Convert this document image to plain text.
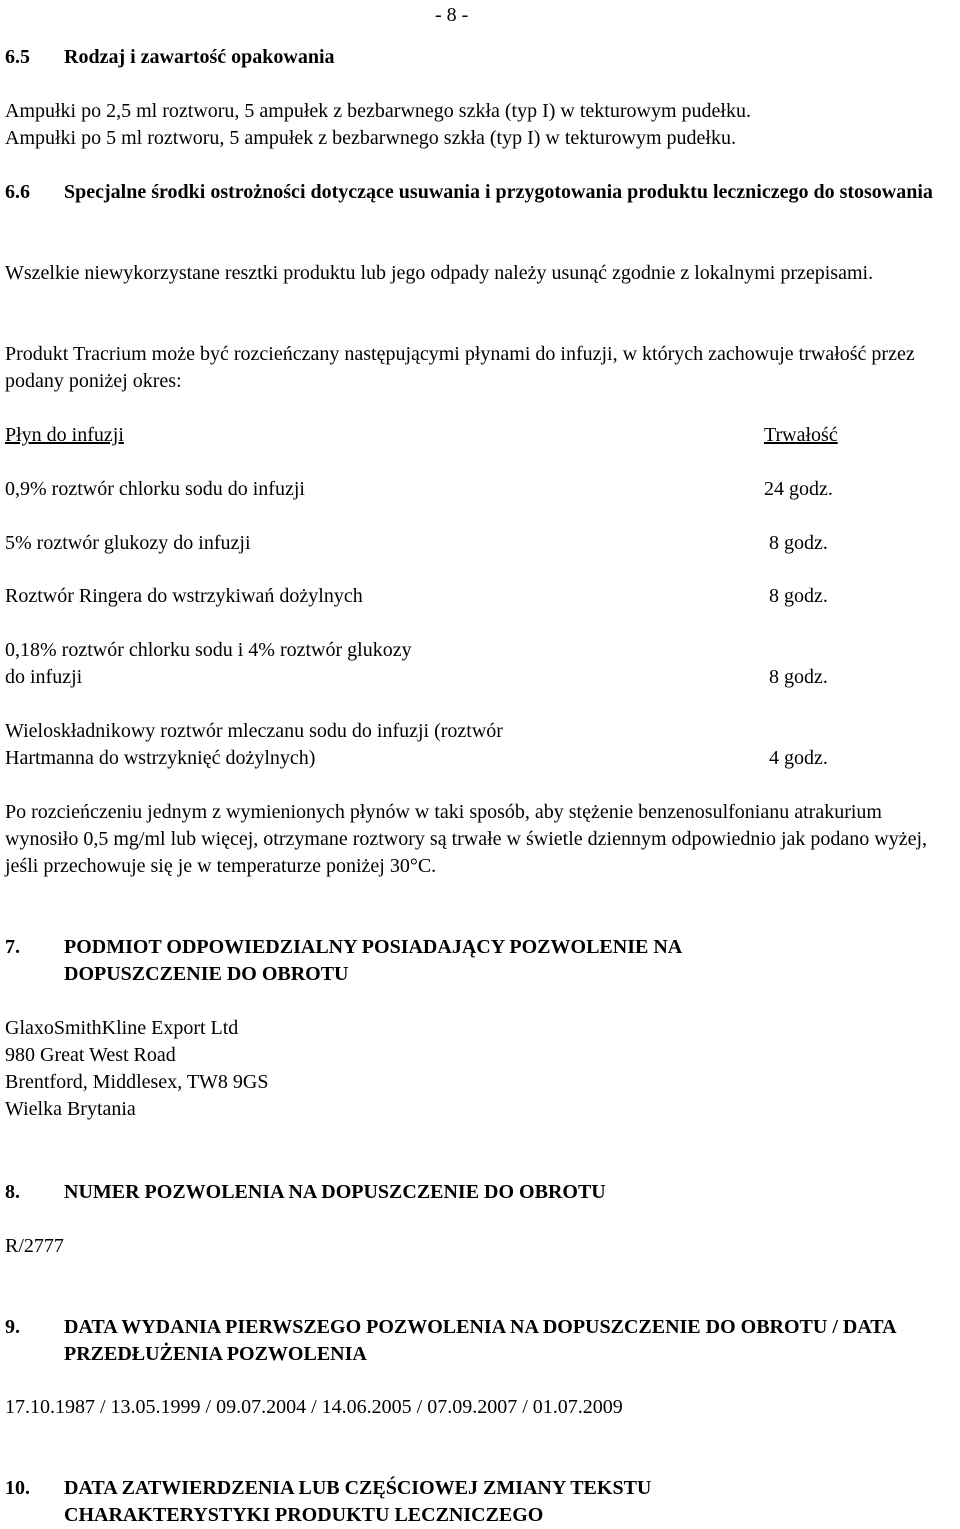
- 8 -
6.5 Rodzaj i zawartość opakowania
Ampułki po 2,5 ml roztworu, 5 ampułek z bezbarwnego szkła (typ I) w tekturowym pudełku.
Ampułki po 5 ml roztworu, 5 ampułek z bezbarwnego szkła (typ I) w tekturowym pudełku.
6.6 Specjalne środki ostrożności dotyczące usuwania i przygotowania produktu leczniczego do stosowania
Wszelkie niewykorzystane resztki produktu lub jego odpady należy usunąć zgodnie z lokalnymi przepisami.
Produkt Tracrium może być rozcieńczany następującymi płynami do infuzji, w których zachowuje trwałość przez podany poniżej okres:
Płyn do infuzji	Trwałość
0,9% roztwór chlorku sodu do infuzji	24 godz.
5% roztwór glukozy do infuzji	8 godz.
Roztwór Ringera do wstrzykiwań dożylnych	8 godz.
0,18% roztwór chlorku sodu i 4% roztwór glukozy do infuzji	8 godz.
Wieloskładnikowy roztwór mleczanu sodu do infuzji (roztwór Hartmanna do wstrzyknięć dożylnych)	4 godz.
Po rozcieńczeniu jednym z wymienionych płynów w taki sposób, aby stężenie benzenosulfonianu atrakurium wynosiło 0,5 mg/ml lub więcej, otrzymane roztwory są trwałe w świetle dziennym odpowiednio jak podano wyżej, jeśli przechowuje się je w temperaturze poniżej 30°C.
7. PODMIOT ODPOWIEDZIALNY POSIADAJĄCY POZWOLENIE NA DOPUSZCZENIE DO OBROTU
GlaxoSmithKline Export Ltd
980 Great West Road
Brentford, Middlesex, TW8 9GS
Wielka Brytania
8. NUMER POZWOLENIA NA DOPUSZCZENIE DO OBROTU
R/2777
9. DATA WYDANIA PIERWSZEGO POZWOLENIA NA DOPUSZCZENIE DO OBROTU / DATA PRZEDŁUŻENIA POZWOLENIA
17.10.1987 / 13.05.1999 / 09.07.2004 / 14.06.2005 / 07.09.2007 / 01.07.2009
10. DATA ZATWIERDZENIA LUB CZĘŚCIOWEJ ZMIANY TEKSTU CHARAKTERYSTYKI PRODUKTU LECZNICZEGO
